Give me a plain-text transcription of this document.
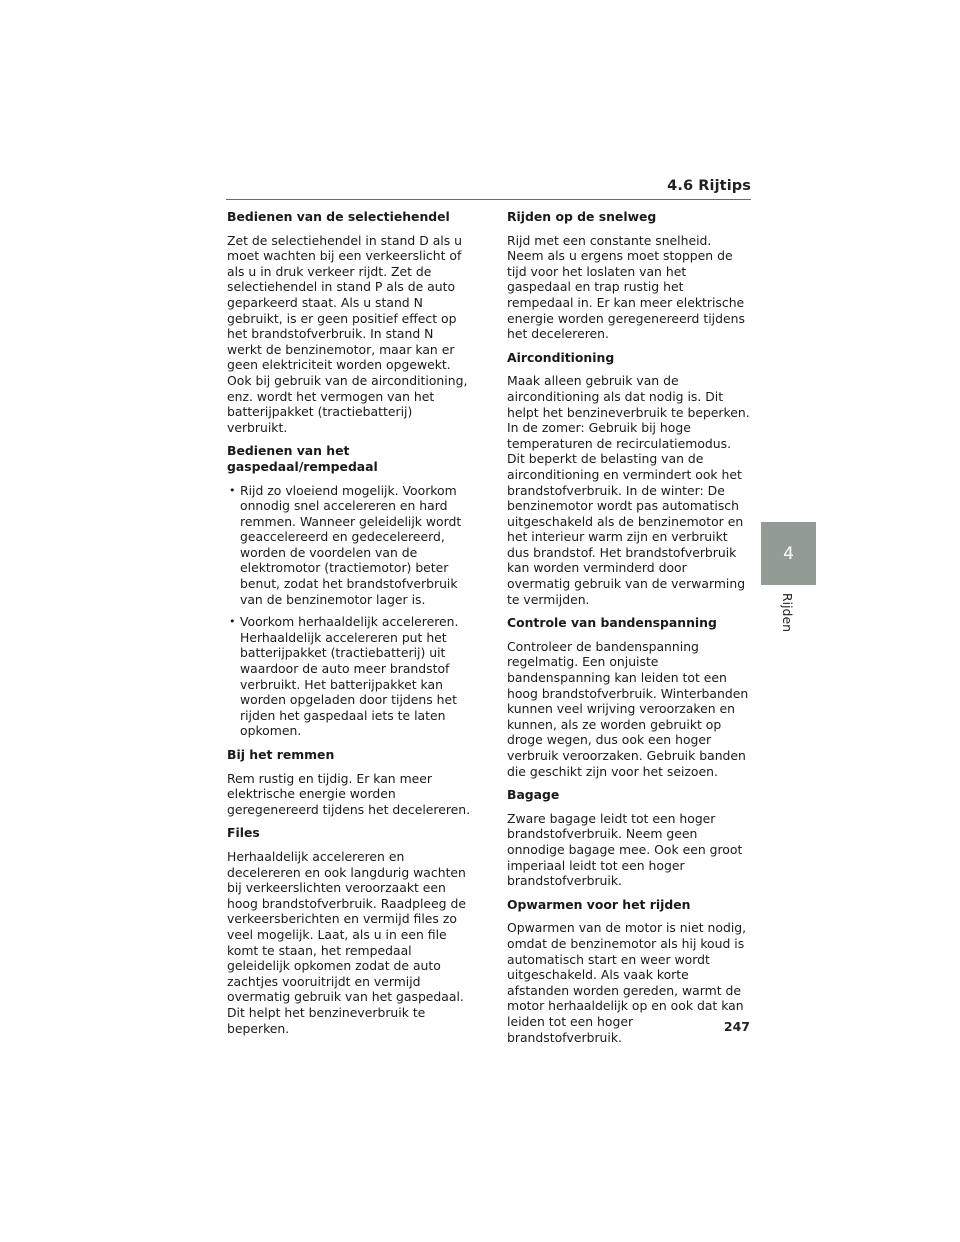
4.6 Rijtips
Bedienen van de selectiehendel

Zet de selectiehendel in stand D als u moet wachten bij een verkeerslicht of als u in druk verkeer rijdt. Zet de selectiehendel in stand P als de auto geparkeerd staat. Als u stand N gebruikt, is er geen positief effect op het brandstofverbruik. In stand N werkt de benzinemotor, maar kan er geen elektriciteit worden opgewekt. Ook bij gebruik van de airconditioning, enz. wordt het vermogen van het batterijpakket (tractiebatterij) verbruikt.

Bedienen van het gaspedaal/rempedaal
• Rijd zo vloeiend mogelijk. Voorkom onnodig snel accelereren en hard remmen. Wanneer geleidelijk wordt geaccelereerd en gedecelereerd, worden de voordelen van de elektromotor (tractiemotor) beter benut, zodat het brandstofverbruik van de benzinemotor lager is.
• Voorkom herhaaldelijk accelereren. Herhaaldelijk accelereren put het batterijpakket (tractiebatterij) uit waardoor de auto meer brandstof verbruikt. Het batterijpakket kan worden opgeladen door tijdens het rijden het gaspedaal iets te laten opkomen.
Bij het remmen

Rem rustig en tijdig. Er kan meer elektrische energie worden geregenereerd tijdens het decelereren.

Files

Herhaaldelijk accelereren en decelereren en ook langdurig wachten bij verkeerslichten veroorzaakt een hoog brandstofverbruik. Raadpleeg de verkeersberichten en vermijd files zo veel mogelijk. Laat, als u in een file komt te staan, het rempedaal geleidelijk opkomen zodat de auto zachtjes vooruitrijdt en vermijd overmatig gebruik van het gaspedaal. Dit helpt het benzineverbruik te beperken.

Rijden op de snelweg

Rijd met een constante snelheid. Neem als u ergens moet stoppen de tijd voor het loslaten van het gaspedaal en trap rustig het rempedaal in. Er kan meer elektrische energie worden geregenereerd tijdens het decelereren.

Airconditioning

Maak alleen gebruik van de airconditioning als dat nodig is. Dit helpt het benzineverbruik te beperken. In de zomer: Gebruik bij hoge temperaturen de recirculatiemodus. Dit beperkt de belasting van de airconditioning en vermindert ook het brandstofverbruik. In de winter: De benzinemotor wordt pas automatisch uitgeschakeld als de benzinemotor en het interieur warm zijn en verbruikt dus brandstof. Het brandstofverbruik kan worden verminderd door overmatig gebruik van de verwarming te vermijden.

Controle van bandenspanning

Controleer de bandenspanning regelmatig. Een onjuiste bandenspanning kan leiden tot een hoog brandstofverbruik. Winterbanden kunnen veel wrijving veroorzaken en kunnen, als ze worden gebruikt op droge wegen, dus ook een hoger verbruik veroorzaken. Gebruik banden die geschikt zijn voor het seizoen.

Bagage

Zware bagage leidt tot een hoger brandstofverbruik. Neem geen onnodige bagage mee. Ook een groot imperiaal leidt tot een hoger brandstofverbruik.

Opwarmen voor het rijden

Opwarmen van de motor is niet nodig, omdat de benzinemotor als hij koud is automatisch start en weer wordt uitgeschakeld. Als vaak korte afstanden worden gereden, warmt de motor herhaaldelijk op en ook dat kan leiden tot een hoger brandstofverbruik.

4
Rijden
247
